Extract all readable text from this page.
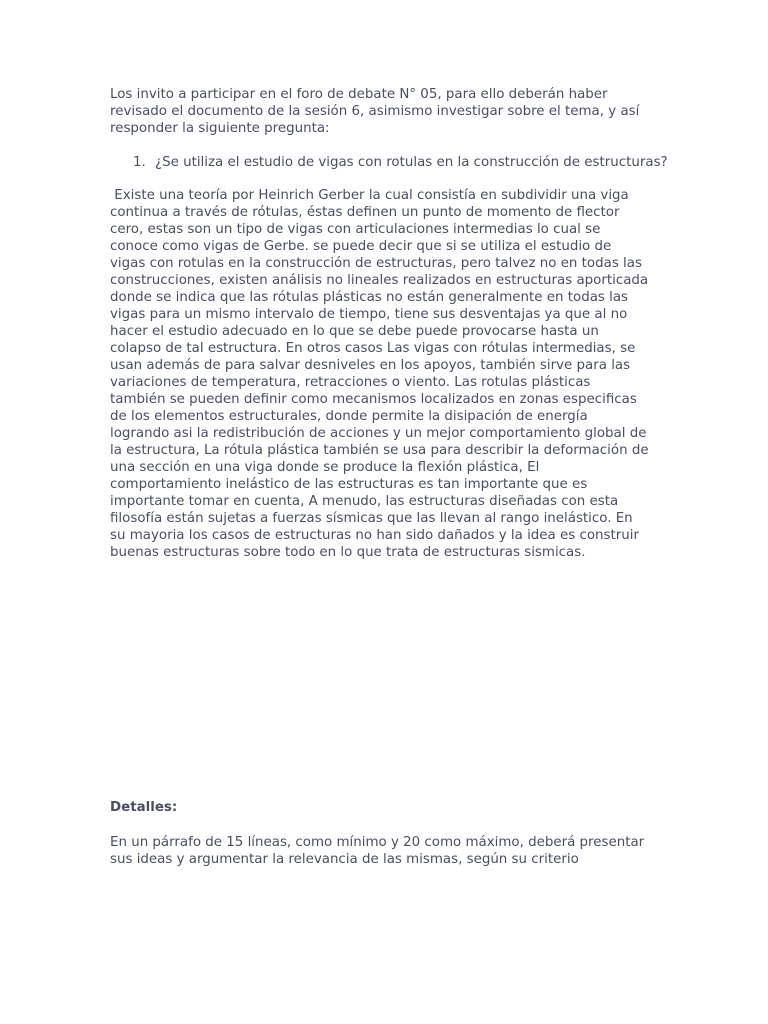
Los invito a participar en el foro de debate N° 05, para ello deberán haber revisado el documento de la sesión 6, asimismo investigar sobre el tema, y así responder la siguiente pregunta:

1. ¿Se utiliza el estudio de vigas con rotulas en la construcción de estructuras?

Existe una teoría por Heinrich Gerber la cual consistía en subdividir una viga continua a través de rótulas, éstas definen un punto de momento de flector cero, estas son un tipo de vigas con articulaciones intermedias lo cual se conoce como vigas de Gerbe. se puede decir que si se utiliza el estudio de vigas con rotulas en la construcción de estructuras, pero talvez no en todas las construcciones, existen análisis no lineales realizados en estructuras aporticada donde se indica que las rótulas plásticas no están generalmente en todas las vigas para un mismo intervalo de tiempo, tiene sus desventajas ya que al no hacer el estudio adecuado en lo que se debe puede provocarse hasta un colapso de tal estructura. En otros casos Las vigas con rótulas intermedias, se usan además de para salvar desniveles en los apoyos, también sirve para las variaciones de temperatura, retracciones o viento. Las rotulas plásticas también se pueden definir como mecanismos localizados en zonas especificas de los elementos estructurales, donde permite la disipación de energía logrando asi la redistribución de acciones y un mejor comportamiento global de la estructura, La rótula plástica también se usa para describir la deformación de una sección en una viga donde se produce la flexión plástica, El comportamiento inelástico de las estructuras es tan importante que es importante tomar en cuenta, A menudo, las estructuras diseñadas con esta filosofía están sujetas a fuerzas sísmicas que las llevan al rango inelástico. En su mayoria los casos de estructuras no han sido dañados y la idea es construir buenas estructuras sobre todo en lo que trata de estructuras sismicas.

Detalles:

En un párrafo de 15 líneas, como mínimo y 20 como máximo, deberá presentar sus ideas y argumentar la relevancia de las mismas, según su criterio
